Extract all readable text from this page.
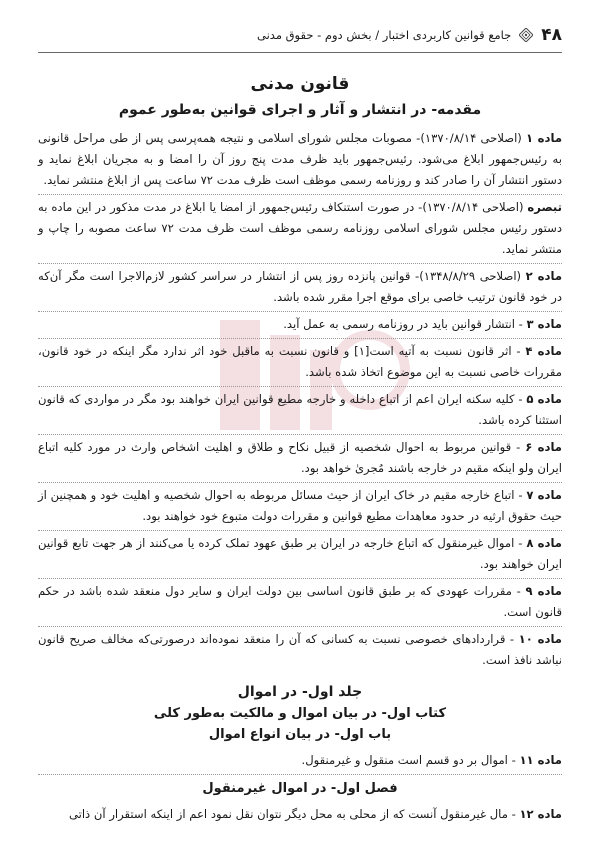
۴۸
جامع قوانین کاربردی اختبار / بخش دوم - حقوق مدنی
قانون مدنی
مقدمه- در انتشار و آثار و اجرای قوانین به‌طور عموم

ماده ۱ (اصلاحی ۱۳۷۰/۸/۱۴)- مصوبات مجلس شورای اسلامی و نتیجه همه‌پرسی پس از طی مراحل قانونی به رئیس‌جمهور ابلاغ می‌شود. رئیس‌جمهور باید ظرف مدت پنج روز آن را امضا و به مجریان ابلاغ نماید و دستور انتشار آن را صادر کند و روزنامه رسمی موظف است ظرف مدت ۷۲ ساعت پس از ابلاغ منتشر نماید.

تبصره (اصلاحی ۱۳۷۰/۸/۱۴)- در صورت استنکاف رئیس‌جمهور از امضا یا ابلاغ در مدت مذکور در این ماده به دستور رئیس مجلس شورای اسلامی روزنامه رسمی موظف است ظرف مدت ۷۲ ساعت مصوبه را چاپ و منتشر نماید.

ماده ۲ (اصلاحی ۱۳۴۸/۸/۲۹)- قوانین پانزده روز پس از انتشار در سراسر کشور لازم‌الاجرا است مگر آن‌که در خود قانون ترتیب خاصی برای موقع اجرا مقرر شده باشد.

ماده ۳ - انتشار قوانین باید در روزنامه رسمی به عمل آید.

ماده ۴ - اثر قانون نسبت به آتیه است[۱] و قانون نسبت به ماقبل خود اثر ندارد مگر اینکه در خود قانون، مقررات خاصی نسبت به این موضوع اتخاذ شده باشد.

ماده ۵ - کلیه سکنه ایران اعم از اتباع داخله و خارجه مطیع قوانین ایران خواهند بود مگر در مواردی که قانون استثنا کرده باشد.

ماده ۶ - قوانین مربوط به احوال شخصیه از قبیل نکاح و طلاق و اهلیت اشخاص وارث در مورد کلیه اتباع ایران ولو اینکه مقیم در خارجه باشند مُجریٰ خواهد بود.

ماده ۷ - اتباع خارجه مقیم در خاک ایران از حیث مسائل مربوطه به احوال شخصیه و اهلیت خود و همچنین از حیث حقوق ارثیه در حدود معاهدات مطیع قوانین و مقررات دولت متبوع خود خواهند بود.

ماده ۸ - اموال غیرمنقول که اتباع خارجه در ایران بر طبق عهود تملک کرده یا می‌کنند از هر جهت تابع قوانین ایران خواهند بود.

ماده ۹ - مقررات عهودی که بر طبق قانون اساسی بین دولت ایران و سایر دول منعقد شده باشد در حکم قانون است.

ماده ۱۰ - قراردادهای خصوصی نسبت به کسانی که آن را منعقد نموده‌اند درصورتی‌که مخالف صریح قانون نباشد نافذ است.

جلد اول- در اموال
کتاب اول- در بیان اموال و مالکیت به‌طور کلی
باب اول- در بیان انواع اموال

ماده ۱۱ - اموال بر دو قسم است منقول و غیرمنقول.

فصل اول- در اموال غیرمنقول

ماده ۱۲ - مال غیرمنقول آنست که از محلی به محل دیگر نتوان نقل نمود اعم از اینکه استقرار آن ذاتی
